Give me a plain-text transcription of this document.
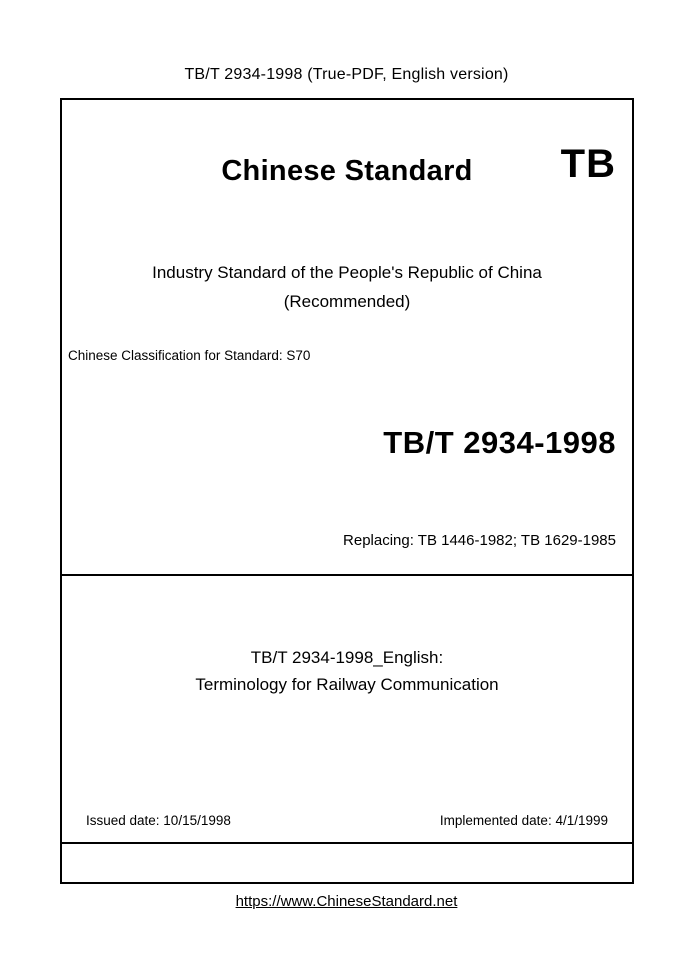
TB/T 2934-1998 (True-PDF, English version)
Chinese Standard	TB
Industry Standard of the People's Republic of China
(Recommended)
Chinese Classification for Standard: S70
TB/T 2934-1998
Replacing: TB 1446-1982; TB 1629-1985
TB/T 2934-1998_English:
Terminology for Railway Communication
Issued date: 10/15/1998	Implemented date: 4/1/1999
https://www.ChineseStandard.net
